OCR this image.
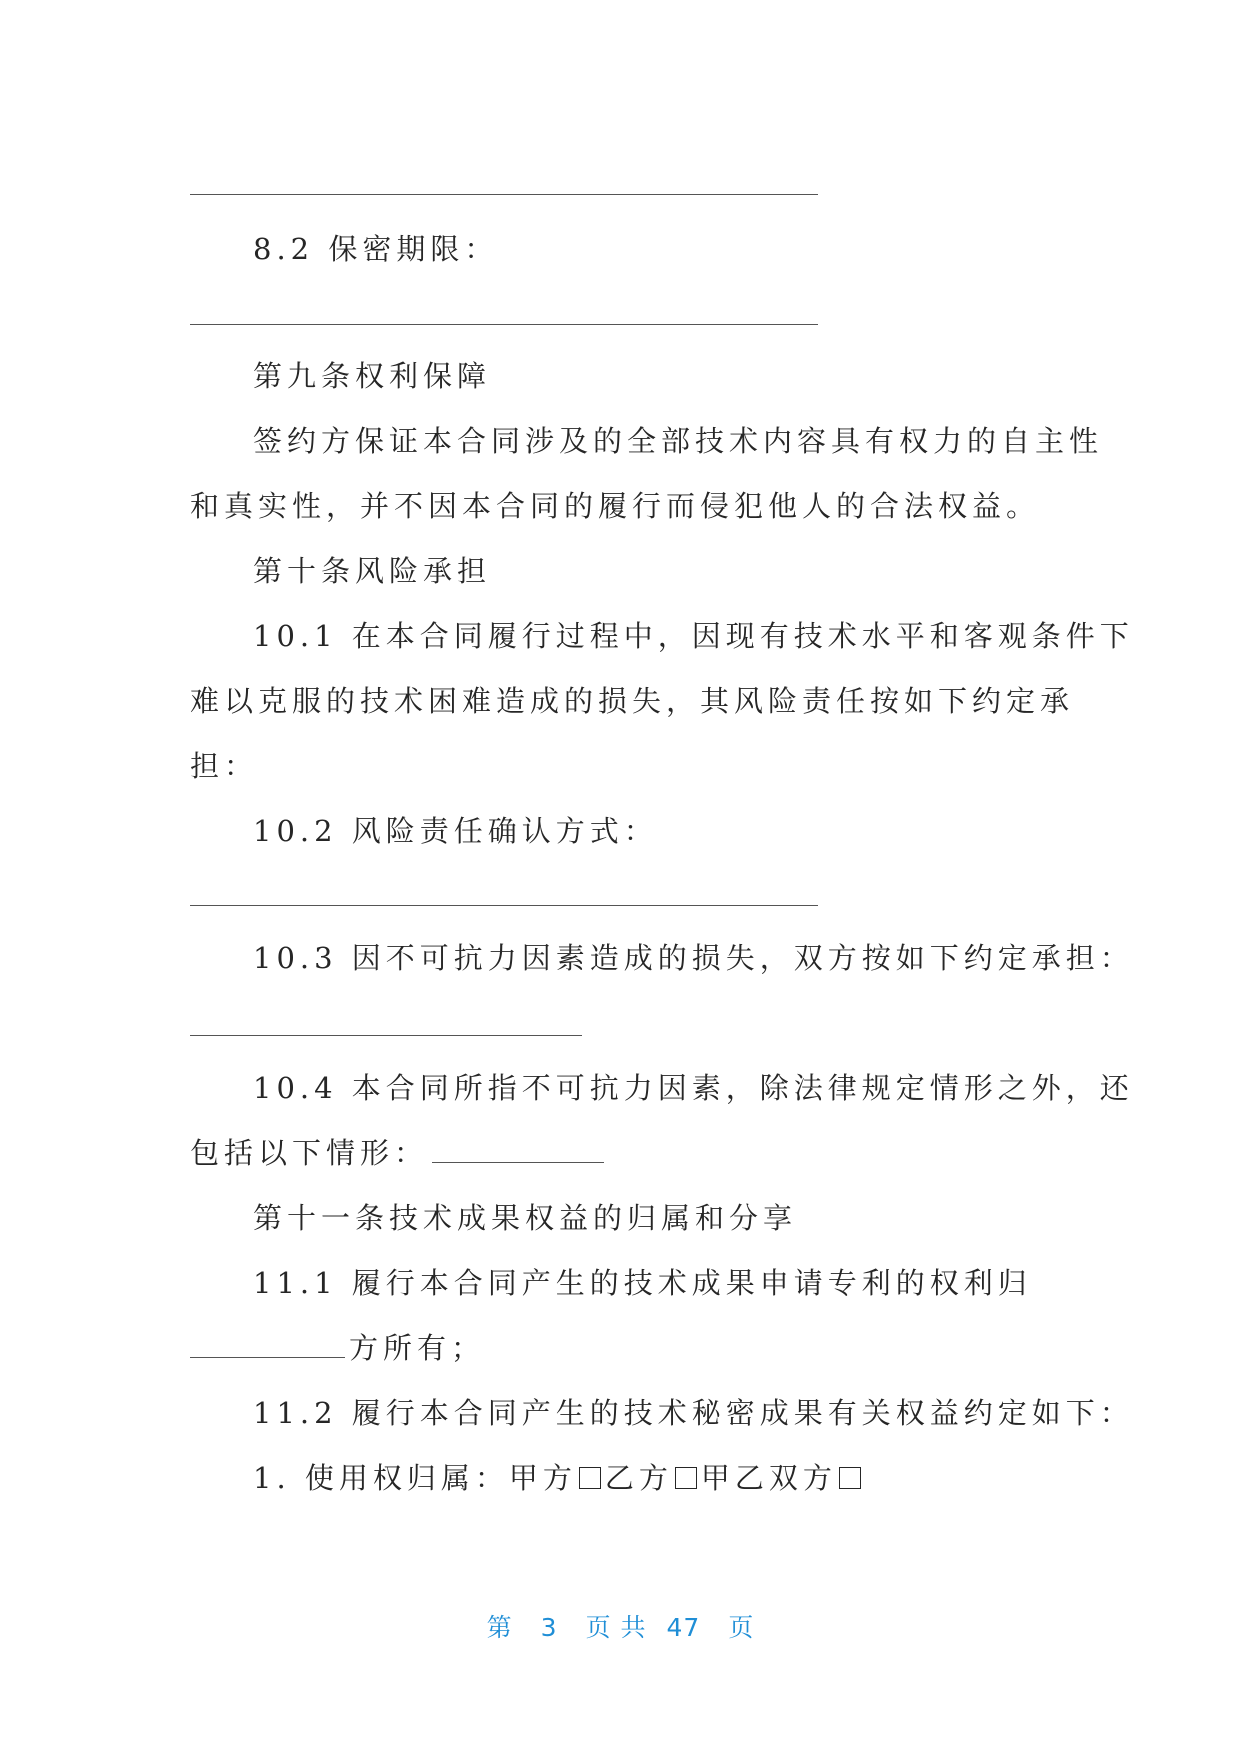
8.2 保密期限：

第九条权利保障

签约方保证本合同涉及的全部技术内容具有权力的自主性

和真实性，并不因本合同的履行而侵犯他人的合法权益。

第十条风险承担

10.1 在本合同履行过程中，因现有技术水平和客观条件下

难以克服的技术困难造成的损失，其风险责任按如下约定承

担：

10.2 风险责任确认方式：

10.3 因不可抗力因素造成的损失，双方按如下约定承担：

10.4 本合同所指不可抗力因素，除法律规定情形之外，还

包括以下情形：

第十一条技术成果权益的归属和分享

11.1 履行本合同产生的技术成果申请专利的权利归

方所有；

11.2 履行本合同产生的技术秘密成果有关权益约定如下：

1. 使用权归属：甲方 乙方 甲乙双方

第 3 页 共 47 页
